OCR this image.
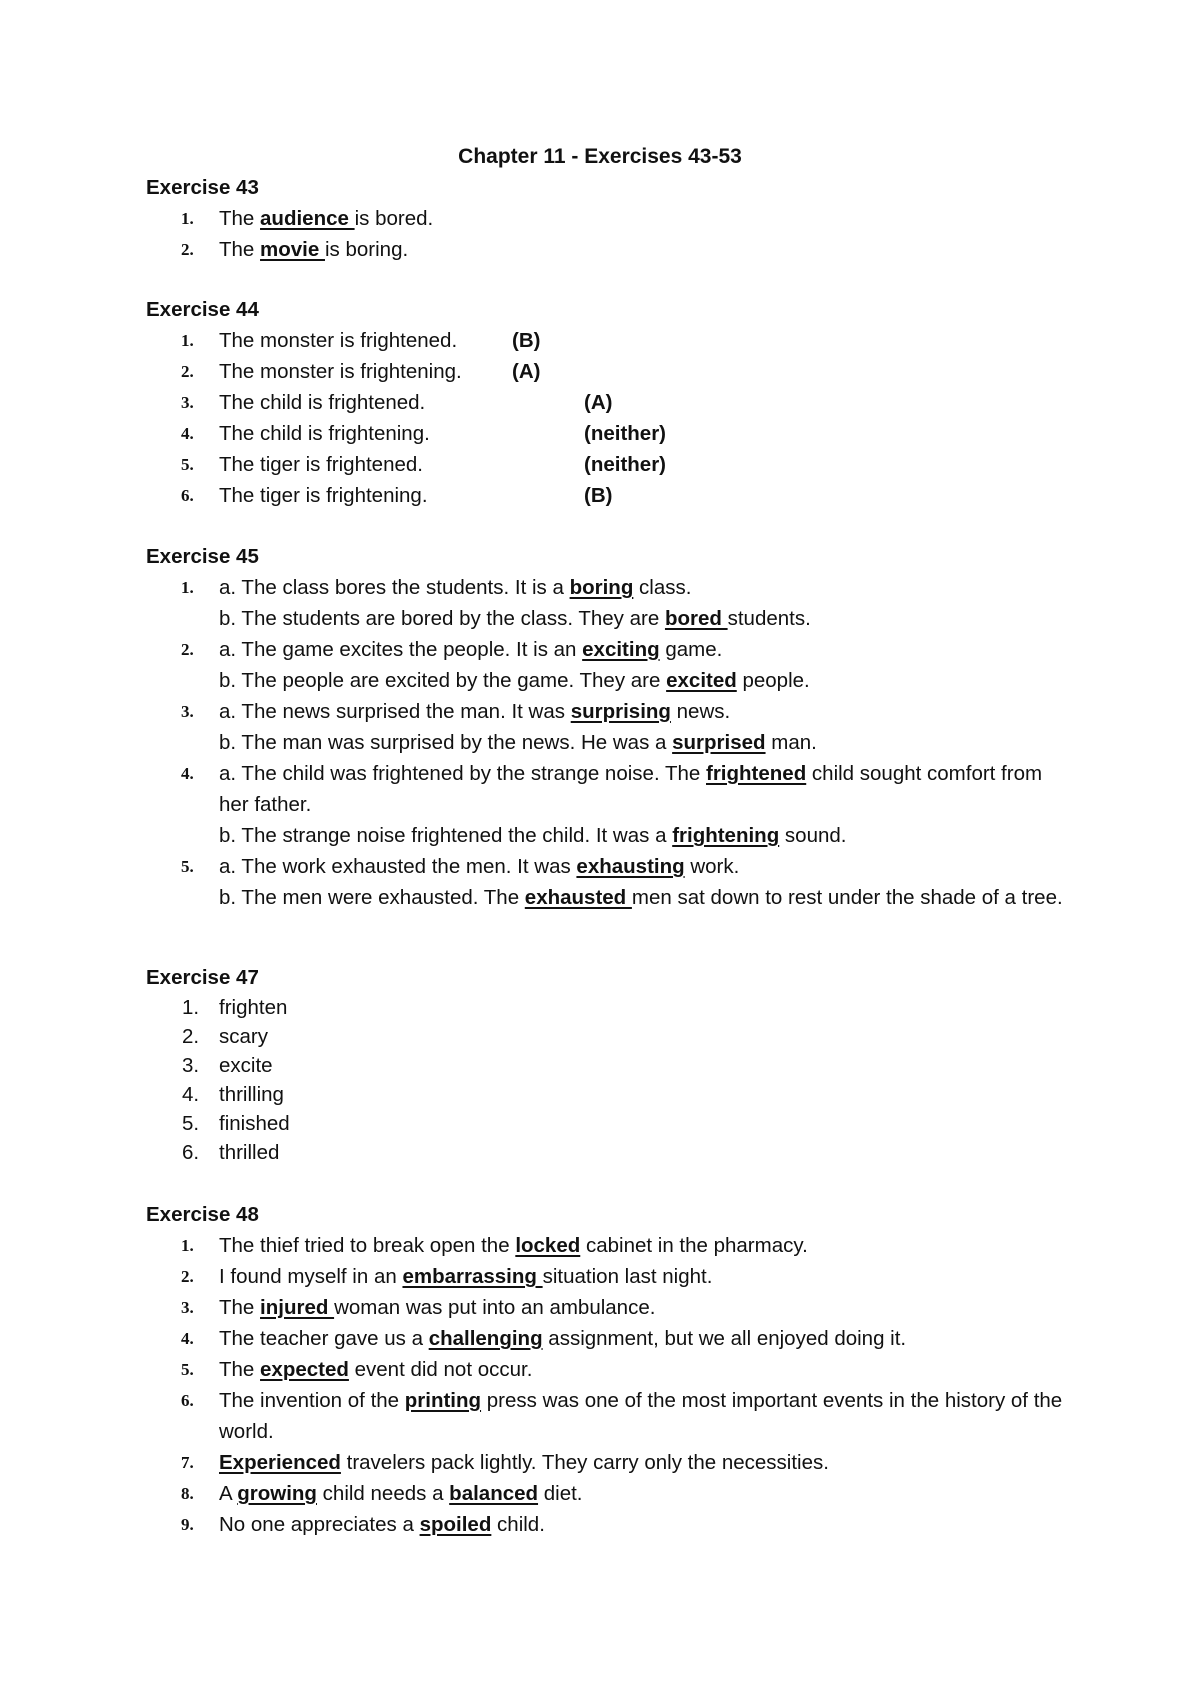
Chapter 11 - Exercises 43-53
Exercise 43
1. The audience is bored.
2. The movie is boring.
Exercise 44
1. The monster is frightened.	(B)
2. The monster is frightening.	(A)
3. The child is frightened.	(A)
4. The child is frightening.	(neither)
5. The tiger is frightened.	(neither)
6. The tiger is frightening.	(B)
Exercise 45
1. a. The class bores the students. It is a boring class.
b. The students are bored by the class. They are bored students.
2. a. The game excites the people. It is an exciting game.
b. The people are excited by the game. They are excited people.
3. a. The news surprised the man. It was surprising news.
b. The man was surprised by the news. He was a surprised man.
4. a. The child was frightened by the strange noise. The frightened child sought comfort from her father.
b. The strange noise frightened the child. It was a frightening sound.
5. a. The work exhausted the men. It was exhausting work.
b. The men were exhausted. The exhausted men sat down to rest under the shade of a tree.
Exercise 47
1. frighten
2. scary
3. excite
4. thrilling
5. finished
6. thrilled
Exercise 48
1. The thief tried to break open the locked cabinet in the pharmacy.
2. I found myself in an embarrassing situation last night.
3. The injured woman was put into an ambulance.
4. The teacher gave us a challenging assignment, but we all enjoyed doing it.
5. The expected event did not occur.
6. The invention of the printing press was one of the most important events in the history of the world.
7. Experienced travelers pack lightly. They carry only the necessities.
8. A growing child needs a balanced diet.
9. No one appreciates a spoiled child.
